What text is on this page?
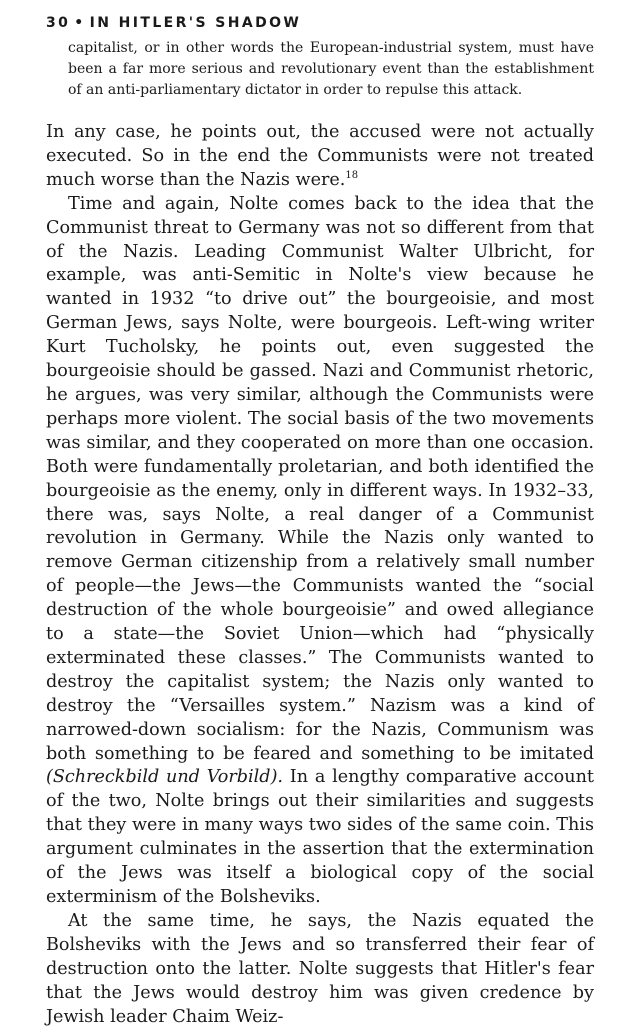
30 • IN HITLER'S SHADOW

capitalist, or in other words the European-industrial system, must have been a far more serious and revolutionary event than the establishment of an anti-parliamentary dictator in order to repulse this attack.

In any case, he points out, the accused were not actually executed. So in the end the Communists were not treated much worse than the Nazis were.$^{18}$

Time and again, Nolte comes back to the idea that the Communist threat to Germany was not so different from that of the Nazis. Leading Communist Walter Ulbricht, for example, was anti-Semitic in Nolte's view because he wanted in 1932 “to drive out” the bourgeoisie, and most German Jews, says Nolte, were bourgeois. Left-wing writer Kurt Tucholsky, he points out, even suggested the bourgeoisie should be gassed. Nazi and Communist rhetoric, he argues, was very similar, although the Communists were perhaps more violent. The social basis of the two movements was similar, and they cooperated on more than one occasion. Both were fundamentally proletarian, and both identified the bourgeoisie as the enemy, only in different ways. In 1932–33, there was, says Nolte, a real danger of a Communist revolution in Germany. While the Nazis only wanted to remove German citizenship from a relatively small number of people—the Jews—the Communists wanted the “social destruction of the whole bourgeoisie” and owed allegiance to a state—the Soviet Union—which had “physically exterminated these classes.” The Communists wanted to destroy the capitalist system; the Nazis only wanted to destroy the “Versailles system.” Nazism was a kind of narrowed-down socialism: for the Nazis, Communism was both something to be feared and something to be imitated (Schreckbild und Vorbild). In a lengthy comparative account of the two, Nolte brings out their similarities and suggests that they were in many ways two sides of the same coin. This argument culminates in the assertion that the extermination of the Jews was itself a biological copy of the social exterminism of the Bolsheviks.

At the same time, he says, the Nazis equated the Bolsheviks with the Jews and so transferred their fear of destruction onto the latter. Nolte suggests that Hitler's fear that the Jews would destroy him was given credence by Jewish leader Chaim Weiz-
